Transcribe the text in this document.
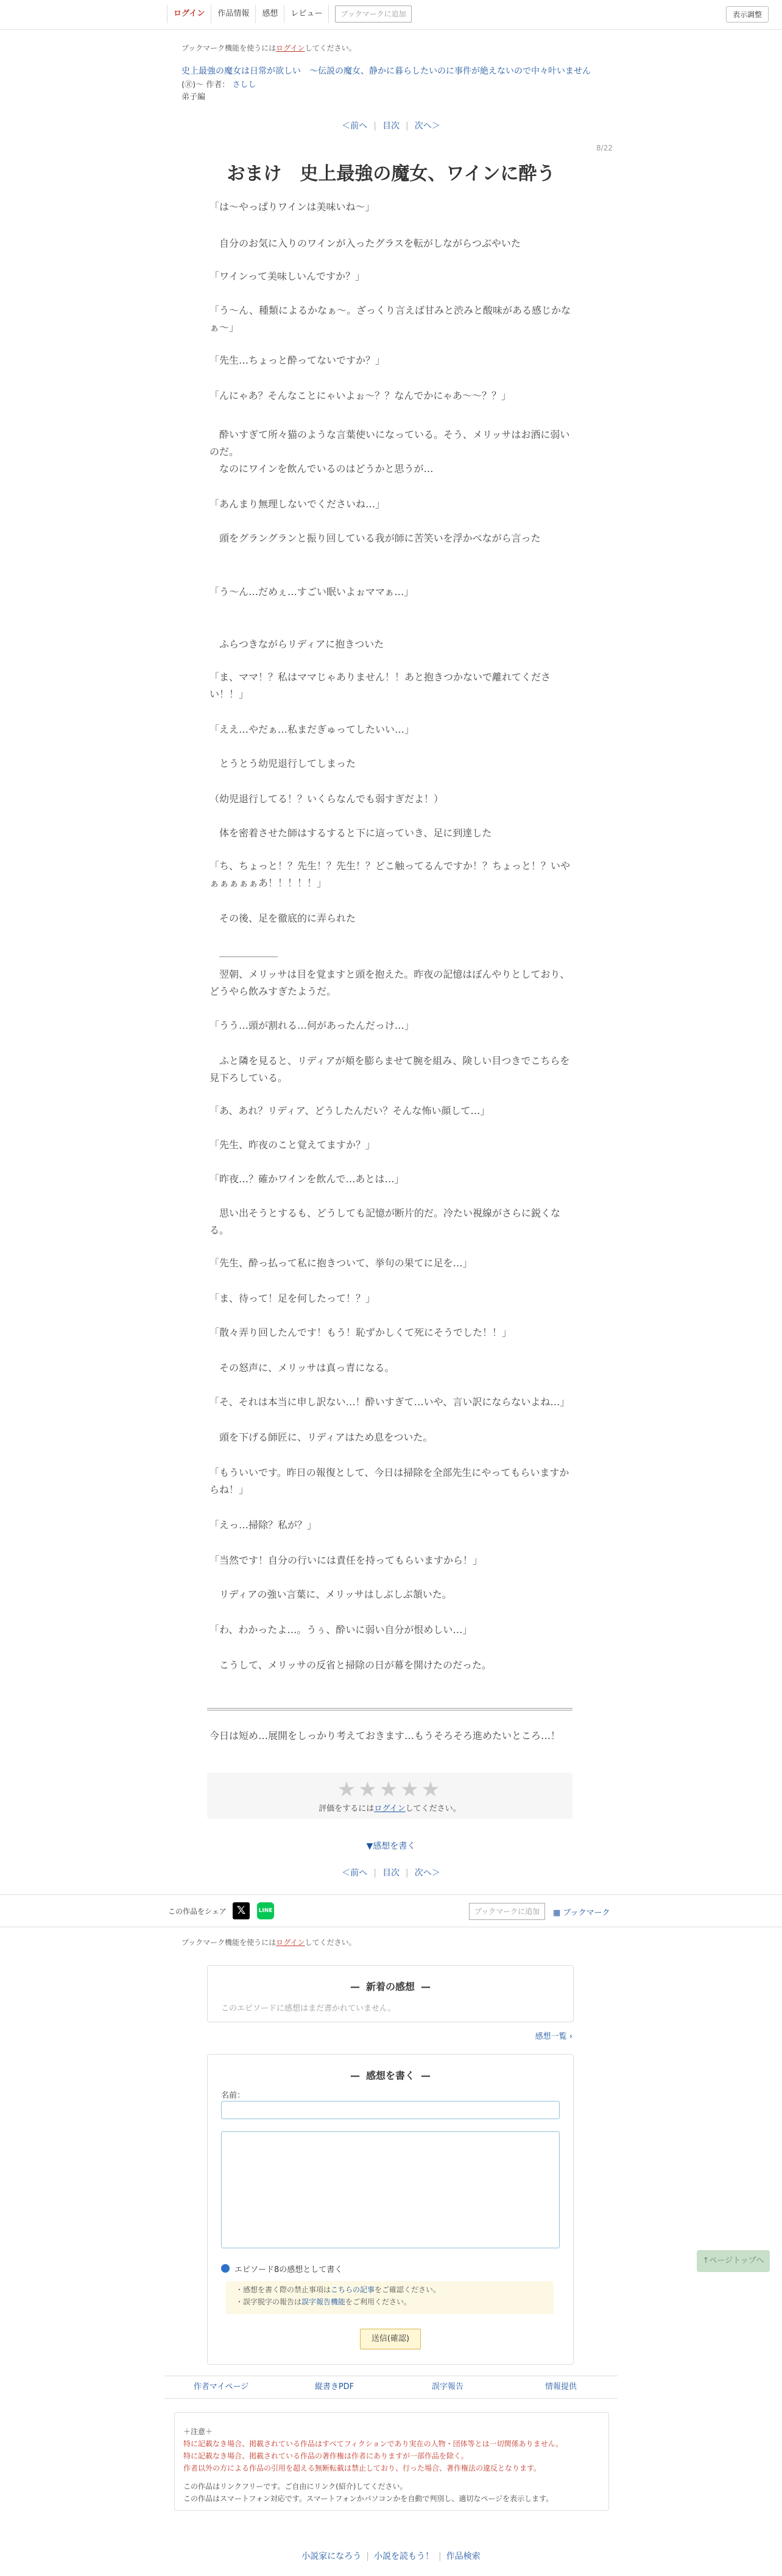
ログイン	作品情報	感想	レビュー	ブックマークに追加	表示調整
ブックマーク機能を使うにはログインしてください。
史上最強の魔女は日常が欲しい　～伝説の魔女、静かに暮らしたいのに事件が絶えないので中々叶いません
(🄬)～ 作者： さしし
弟子編
＜前へ | 目次 | 次へ＞
8/22
おまけ　史上最強の魔女、ワインに酔う
「は～やっぱりワインは美味いね～」
　自分のお気に入りのワインが入ったグラスを転がしながらつぶやいた
「ワインって美味しいんですか？」
「う～ん、種類によるかなぁ～。ざっくり言えば甘みと渋みと酸味がある感じかなぁ～」
「先生…ちょっと酔ってないですか？」
「んにゃあ？そんなことにゃいよぉ～？？なんでかにゃあ～～？？」
　酔いすぎて所々猫のような言葉使いになっている。そう、メリッサはお酒に弱いのだ。
　なのにワインを飲んでいるのはどうかと思うが…
「あんまり無理しないでくださいね…」
　頭をグラングランと振り回している我が師に苦笑いを浮かべながら言った
「う～ん…だめぇ…すごい眠いよぉママぁ…」
　ふらつきながらリディアに抱きついた
「ま、ママ！？私はママじゃありません！！あと抱きつかないで離れてください！！」
「ええ…やだぁ…私まだぎゅってしたいい…」
　とうとう幼児退行してしまった
（幼児退行してる！？いくらなんでも弱すぎだよ！）
　体を密着させた師はするすると下に這っていき、足に到達した
「ち、ちょっと！？先生！？先生！？どこ触ってるんですか！？ちょっと！？いやぁぁぁぁぁあ！！！！！」
　その後、足を徹底的に弄られた
　＿＿＿＿＿＿
　翌朝、メリッサは目を覚ますと頭を抱えた。昨夜の記憶はぼんやりとしており、どうやら飲みすぎたようだ。
「うう…頭が割れる…何があったんだっけ…」
　ふと隣を見ると、リディアが頬を膨らませて腕を組み、険しい目つきでこちらを見下ろしている。
「あ、あれ？リディア、どうしたんだい？そんな怖い顔して…」
「先生、昨夜のこと覚えてますか？」
「昨夜…？確かワインを飲んで…あとは…」
　思い出そうとするも、どうしても記憶が断片的だ。冷たい視線がさらに鋭くなる。
「先生、酔っ払って私に抱きついて、挙句の果てに足を…」
「ま、待って！足を何したって！？」
「散々弄り回したんです！もう！恥ずかしくて死にそうでした！！」
　その怒声に、メリッサは真っ青になる。
「そ、それは本当に申し訳ない…！酔いすぎて…いや、言い訳にならないよね…」
　頭を下げる師匠に、リディアはため息をついた。
「もういいです。昨日の報復として、今日は掃除を全部先生にやってもらいますからね！」
「えっ…掃除？私が？」
「当然です！自分の行いには責任を持ってもらいますから！」
　リディアの強い言葉に、メリッサはしぶしぶ頷いた。
「わ、わかったよ…。うぅ、酔いに弱い自分が恨めしい…」
　こうして、メリッサの反省と掃除の日が幕を開けたのだった。
今日は短め…展開をしっかり考えておきます…もうそろそろ進めたいところ…！
★★★★★
評価をするにはログインしてください。
▼感想を書く
＜前へ | 目次 | 次へ＞
この作品をシェア 𝕏	LINE	ブックマークに追加	▦ ブックマーク
ブックマーク機能を使うにはログインしてください。
— 新着の感想 —
このエピソードに感想はまだ書かれていません。
感想一覧 ›
— 感想を書く —
名前：
エピソード8の感想として書く
・感想を書く際の禁止事項はこちらの記事をご確認ください。
・誤字脱字の報告は誤字報告機能をご利用ください。
送信(確認)
作者マイページ	縦書きPDF	誤字報告	情報提供
＋注意＋
特に記載なき場合、掲載されている作品はすべてフィクションであり実在の人物・団体等とは一切関係ありません。
特に記載なき場合、掲載されている作品の著作権は作者にありますが一部作品を除く。
作者以外の方による作品の引用を超える無断転載は禁止しており、行った場合、著作権法の違反となります。
この作品はリンクフリーです。ご自由にリンク(紹介)してください。
この作品はスマートフォン対応です。スマートフォンかパソコンかを自動で判別し、適切なページを表示します。
小説家になろう | 小説を読もう！ | 作品検索
↑ページトップへ
